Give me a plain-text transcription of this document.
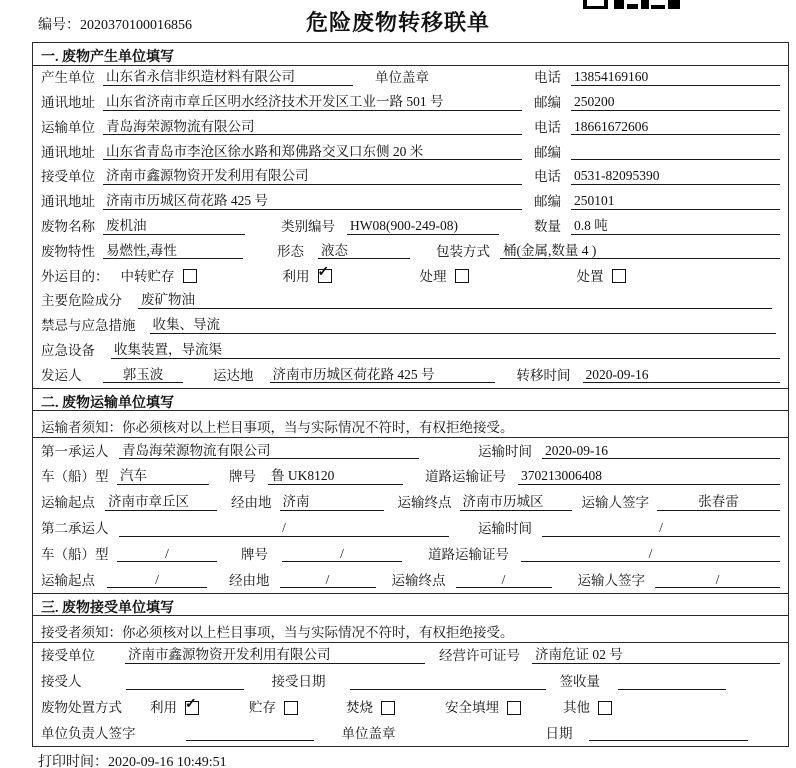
编号：2020370100016856	危险废物转移联单
一. 废物产生单位填写
产生单位 山东省永信非织造材料有限公司	单位盖章	电话 13854169160
通讯地址 山东省济南市章丘区明水经济技术开发区工业一路 501 号	邮编 250200
运输单位 青岛海荣源物流有限公司	电话 18661672606
通讯地址 山东省青岛市李沧区徐水路和郑佛路交叉口东侧 20 米	邮编
接受单位 济南市鑫源物资开发利用有限公司	电话 0531-82095390
通讯地址 济南市历城区荷花路 425 号	邮编 250101
废物名称 废机油	类别编号 HW08(900-249-08)	数量 0.8 吨
废物特性 易燃性,毒性	形态 液态	包装方式 桶(金属,数量 4 )
外运目的： 中转贮存	利用 ✓	处理	处置
主要危险成分 废矿物油
禁忌与应急措施 收集、导流
应急设备 收集装置，导流渠
发运人	郭玉波	运达地 济南市历城区荷花路 425 号	转移时间 2020-09-16
二. 废物运输单位填写
运输者须知：你必须核对以上栏目事项，当与实际情况不符时，有权拒绝接受。
第一承运人	青岛海荣源物流有限公司	运输时间 2020-09-16
车（船）型 汽车	牌号 鲁 UK8120	道路运输证号 370213006408
运输起点 济南市章丘区	经由地 济南	运输终点 济南市历城区	运输人签字	张春雷
第二承运人	/	运输时间	/
车（船）型	/	牌号	/	道路运输证号	/
运输起点	/	经由地	/	运输终点	/	运输人签字	/
三. 废物接受单位填写
接受者须知：你必须核对以上栏目事项，当与实际情况不符时，有权拒绝接受。
接受单位	济南市鑫源物资开发利用有限公司	经营许可证号 济南危证 02 号
接受人	接受日期	签收量
废物处置方式 利用 ✓	贮存	焚烧	安全填埋	其他
单位负责人签字	单位盖章	日期
打印时间：2020-09-16 10:49:51
